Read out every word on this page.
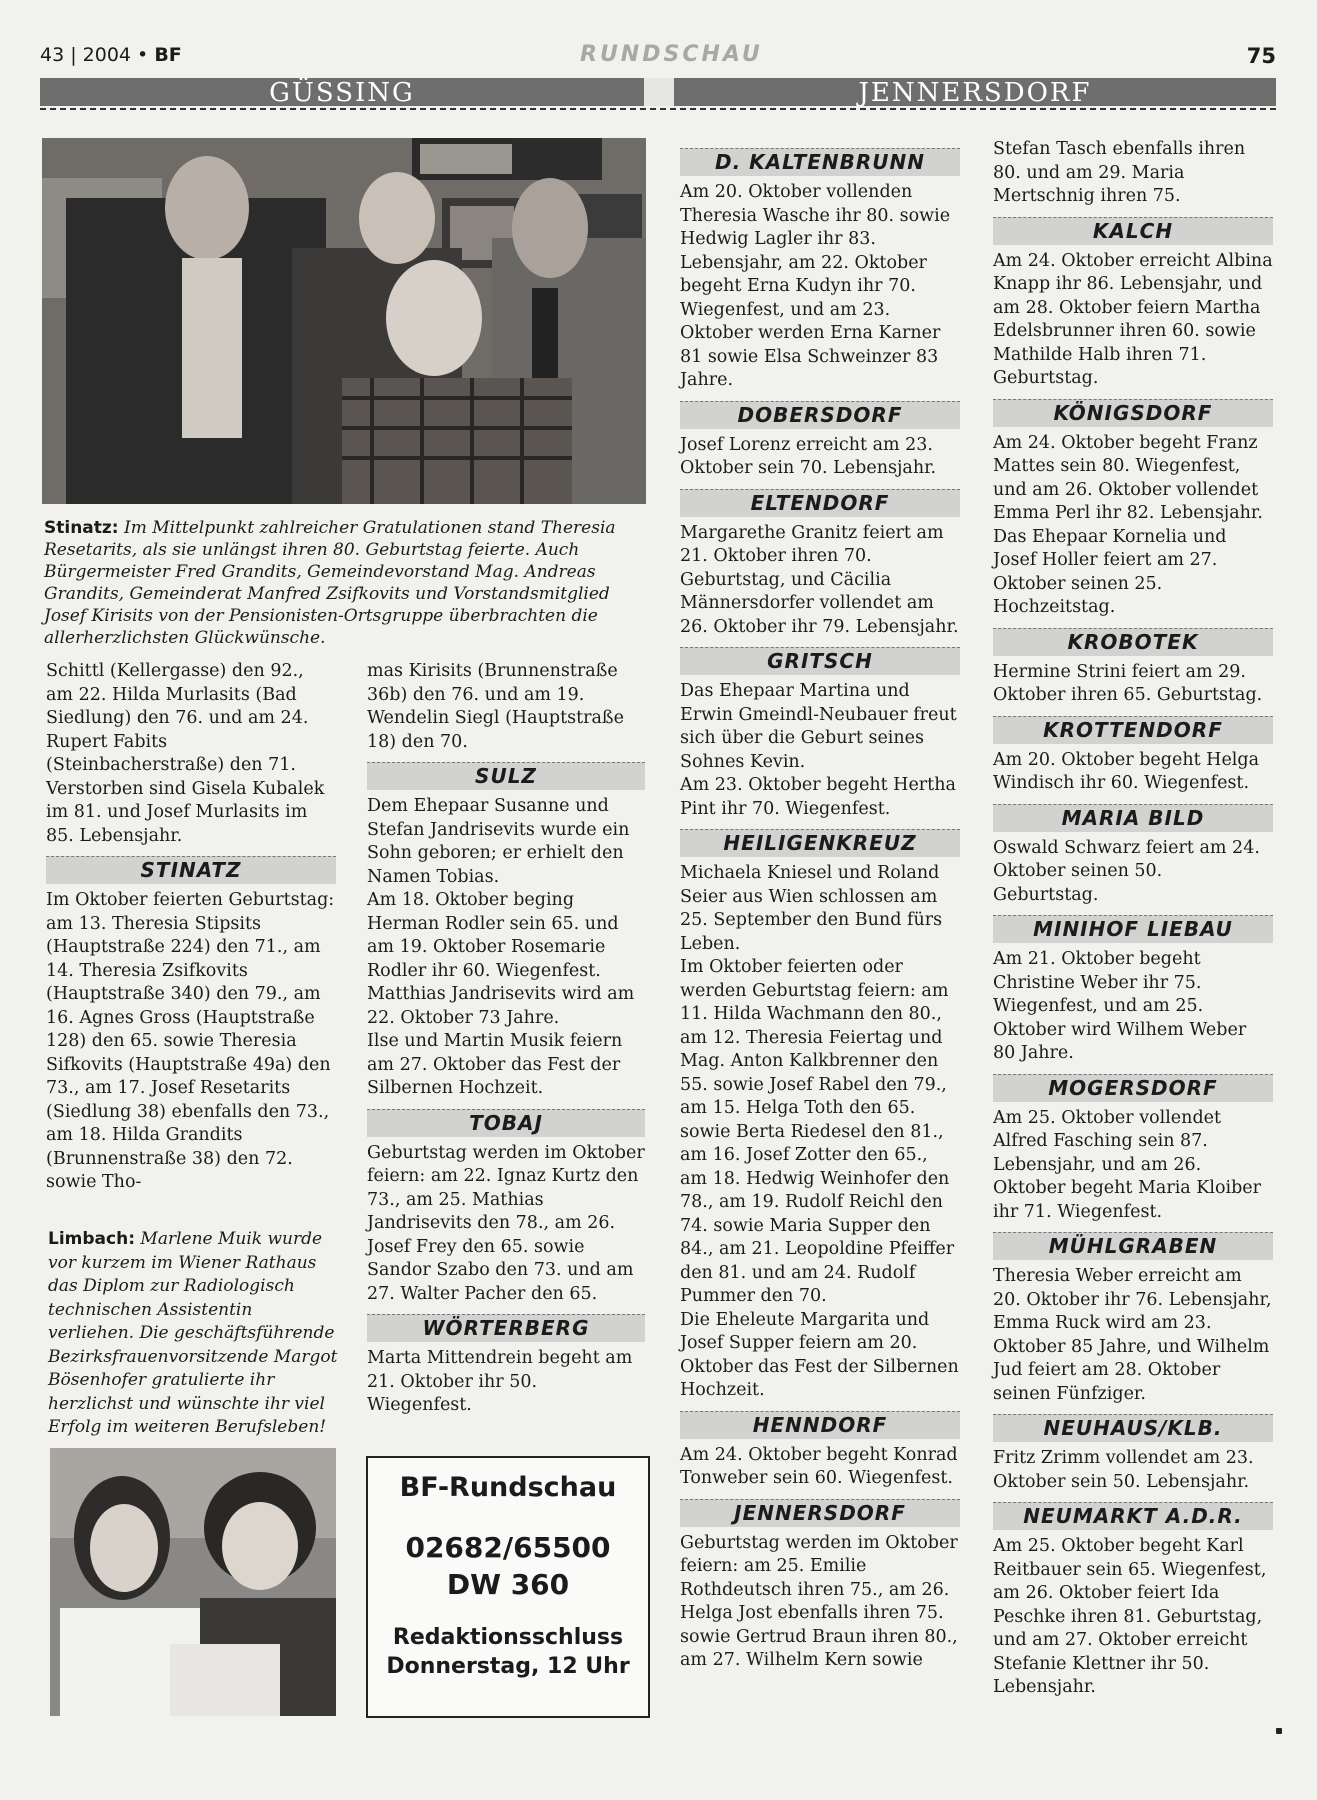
43 | 2004 • BF	RUNDSCHAU	75
GÜSSING	JENNERSDORF
Stinatz: Im Mittelpunkt zahlreicher Gratulationen stand Theresia Resetarits, als sie unlängst ihren 80. Geburtstag feierte. Auch Bürgermeister Fred Grandits, Gemeindevorstand Mag. Andreas Grandits, Gemeinderat Manfred Zsifkovits und Vorstandsmitglied Josef Kirisits von der Pensionisten-Ortsgruppe überbrachten die allerherzlichsten Glückwünsche.

Schittl (Kellergasse) den 92., am 22. Hilda Murlasits (Bad Siedlung) den 76. und am 24. Rupert Fabits (Steinbacherstraße) den 71.

Verstorben sind Gisela Kubalek im 81. und Josef Murlasits im 85. Lebensjahr.

STINATZ

Im Oktober feierten Geburtstag: am 13. Theresia Stipsits (Hauptstraße 224) den 71., am 14. Theresia Zsifkovits (Hauptstraße 340) den 79., am 16. Agnes Gross (Hauptstraße 128) den 65. sowie Theresia Sifkovits (Hauptstraße 49a) den 73., am 17. Josef Resetarits (Siedlung 38) ebenfalls den 73., am 18. Hilda Grandits (Brunnenstraße 38) den 72. sowie Tho-

Limbach: Marlene Muik wurde vor kurzem im Wiener Rathaus das Diplom zur Radiologisch technischen Assistentin verliehen. Die geschäftsführende Bezirksfrauenvorsitzende Margot Bösenhofer gratulierte ihr herzlichst und wünschte ihr viel Erfolg im weiteren Berufsleben!

mas Kirisits (Brunnenstraße 36b) den 76. und am 19. Wendelin Siegl (Hauptstraße 18) den 70.

SULZ

Dem Ehepaar Susanne und Stefan Jandrisevits wurde ein Sohn geboren; er erhielt den Namen Tobias.

Am 18. Oktober beging Herman Rodler sein 65. und am 19. Oktober Rosemarie Rodler ihr 60. Wiegenfest.

Matthias Jandrisevits wird am 22. Oktober 73 Jahre.

Ilse und Martin Musik feiern am 27. Oktober das Fest der Silbernen Hochzeit.

TOBAJ

Geburtstag werden im Oktober feiern: am 22. Ignaz Kurtz den 73., am 25. Mathias Jandrisevits den 78., am 26. Josef Frey den 65. sowie Sandor Szabo den 73. und am 27. Walter Pacher den 65.

WÖRTERBERG

Marta Mittendrein begeht am 21. Oktober ihr 50. Wiegenfest.

BF-Rundschau
02682/65500
DW 360
Redaktionsschluss
Donnerstag, 12 Uhr
D. KALTENBRUNN

Am 20. Oktober vollenden Theresia Wasche ihr 80. sowie Hedwig Lagler ihr 83. Lebensjahr, am 22. Oktober begeht Erna Kudyn ihr 70. Wiegenfest, und am 23. Oktober werden Erna Karner 81 sowie Elsa Schweinzer 83 Jahre.

DOBERSDORF

Josef Lorenz erreicht am 23. Oktober sein 70. Lebensjahr.

ELTENDORF

Margarethe Granitz feiert am 21. Oktober ihren 70. Geburtstag, und Cäcilia Männersdorfer vollendet am 26. Oktober ihr 79. Lebensjahr.

GRITSCH

Das Ehepaar Martina und Erwin Gmeindl-Neubauer freut sich über die Geburt seines Sohnes Kevin.

Am 23. Oktober begeht Hertha Pint ihr 70. Wiegenfest.

HEILIGENKREUZ

Michaela Kniesel und Roland Seier aus Wien schlossen am 25. September den Bund fürs Leben.

Im Oktober feierten oder werden Geburtstag feiern: am 11. Hilda Wachmann den 80., am 12. Theresia Feiertag und Mag. Anton Kalkbrenner den 55. sowie Josef Rabel den 79., am 15. Helga Toth den 65. sowie Berta Riedesel den 81., am 16. Josef Zotter den 65., am 18. Hedwig Weinhofer den 78., am 19. Rudolf Reichl den 74. sowie Maria Supper den 84., am 21. Leopoldine Pfeiffer den 81. und am 24. Rudolf Pummer den 70.

Die Eheleute Margarita und Josef Supper feiern am 20. Oktober das Fest der Silbernen Hochzeit.

HENNDORF

Am 24. Oktober begeht Konrad Tonweber sein 60. Wiegenfest.

JENNERSDORF

Geburtstag werden im Oktober feiern: am 25. Emilie Rothdeutsch ihren 75., am 26. Helga Jost ebenfalls ihren 75. sowie Gertrud Braun ihren 80., am 27. Wilhelm Kern sowie

Stefan Tasch ebenfalls ihren 80. und am 29. Maria Mertschnig ihren 75.

KALCH

Am 24. Oktober erreicht Albina Knapp ihr 86. Lebensjahr, und am 28. Oktober feiern Martha Edelsbrunner ihren 60. sowie Mathilde Halb ihren 71. Geburtstag.

KÖNIGSDORF

Am 24. Oktober begeht Franz Mattes sein 80. Wiegenfest, und am 26. Oktober vollendet Emma Perl ihr 82. Lebensjahr. Das Ehepaar Kornelia und Josef Holler feiert am 27. Oktober seinen 25. Hochzeitstag.

KROBOTEK

Hermine Strini feiert am 29. Oktober ihren 65. Geburtstag.

KROTTENDORF

Am 20. Oktober begeht Helga Windisch ihr 60. Wiegenfest.

MARIA BILD

Oswald Schwarz feiert am 24. Oktober seinen 50. Geburtstag.

MINIHOF LIEBAU

Am 21. Oktober begeht Christine Weber ihr 75. Wiegenfest, und am 25. Oktober wird Wilhem Weber 80 Jahre.

MOGERSDORF

Am 25. Oktober vollendet Alfred Fasching sein 87. Lebensjahr, und am 26. Oktober begeht Maria Kloiber ihr 71. Wiegenfest.

MÜHLGRABEN

Theresia Weber erreicht am 20. Oktober ihr 76. Lebensjahr, Emma Ruck wird am 23. Oktober 85 Jahre, und Wilhelm Jud feiert am 28. Oktober seinen Fünfziger.

NEUHAUS/KLB.

Fritz Zrimm vollendet am 23. Oktober sein 50. Lebensjahr.

NEUMARKT A.D.R.

Am 25. Oktober begeht Karl Reitbauer sein 65. Wiegenfest, am 26. Oktober feiert Ida Peschke ihren 81. Geburtstag, und am 27. Oktober erreicht Stefanie Klettner ihr 50. Lebensjahr.
